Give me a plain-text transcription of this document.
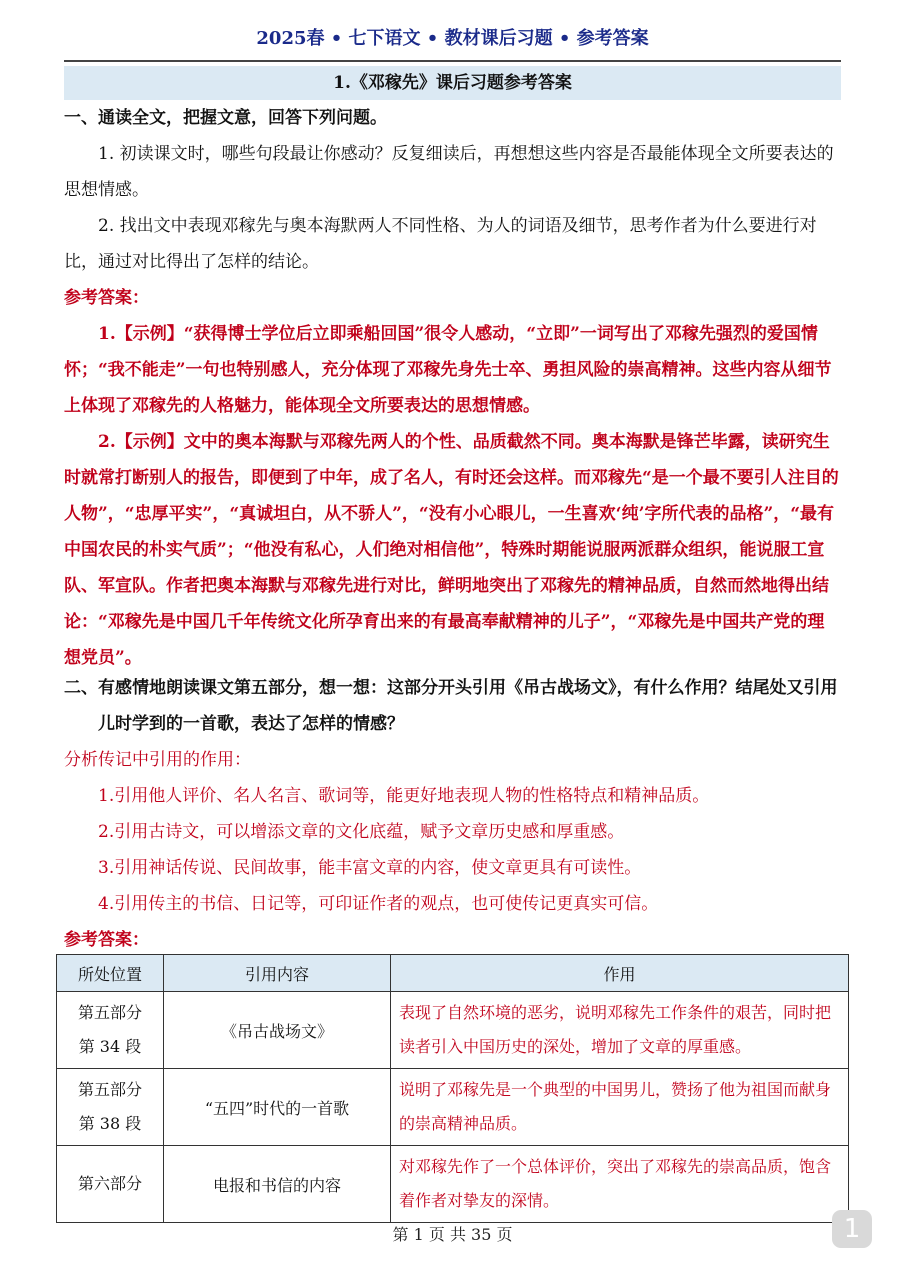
2025春 • 七下语文 • 教材课后习题 • 参考答案
1.《邓稼先》课后习题参考答案
一、通读全文，把握文意，回答下列问题。
1. 初读课文时，哪些句段最让你感动？反复细读后，再想想这些内容是否最能体现全文所要表达的思想情感。
2. 找出文中表现邓稼先与奥本海默两人不同性格、为人的词语及细节，思考作者为什么要进行对比，通过对比得出了怎样的结论。
参考答案：
1.【示例】“获得博士学位后立即乘船回国”很令人感动，“立即”一词写出了邓稼先强烈的爱国情怀；“我不能走”一句也特别感人，充分体现了邓稼先身先士卒、勇担风险的崇高精神。这些内容从细节上体现了邓稼先的人格魅力，能体现全文所要表达的思想情感。
2.【示例】文中的奥本海默与邓稼先两人的个性、品质截然不同。奥本海默是锋芒毕露，读研究生时就常打断别人的报告，即便到了中年，成了名人，有时还会这样。而邓稼先“是一个最不要引人注目的人物”，“忠厚平实”，“真诚坦白，从不骄人”，“没有小心眼儿，一生喜欢‘纯’字所代表的品格”，“最有中国农民的朴实气质”；“他没有私心，人们绝对相信他”，特殊时期能说服两派群众组织，能说服工宣队、军宣队。作者把奥本海默与邓稼先进行对比，鲜明地突出了邓稼先的精神品质，自然而然地得出结论：“邓稼先是中国几千年传统文化所孕育出来的有最高奉献精神的儿子”，“邓稼先是中国共产党的理想党员”。
二、有感情地朗读课文第五部分，想一想：这部分开头引用《吊古战场文》，有什么作用？结尾处又引用儿时学到的一首歌，表达了怎样的情感？
分析传记中引用的作用：
1.引用他人评价、名人名言、歌词等，能更好地表现人物的性格特点和精神品质。
2.引用古诗文，可以增添文章的文化底蕴，赋予文章历史感和厚重感。
3.引用神话传说、民间故事，能丰富文章的内容，使文章更具有可读性。
4.引用传主的书信、日记等，可印证作者的观点，也可使传记更真实可信。
参考答案：
所处位置	引用内容	作用

第五部分
第 34 段	《吊古战场文》	表现了自然环境的恶劣，说明邓稼先工作条件的艰苦，同时把读者引入中国历史的深处，增加了文章的厚重感。

第五部分
第 38 段	“五四”时代的一首歌	说明了邓稼先是一个典型的中国男儿，赞扬了他为祖国而献身的崇高精神品质。

第六部分	电报和书信的内容	对邓稼先作了一个总体评价，突出了邓稼先的崇高品质，饱含着作者对挚友的深情。
第 1 页 共 35 页	1
